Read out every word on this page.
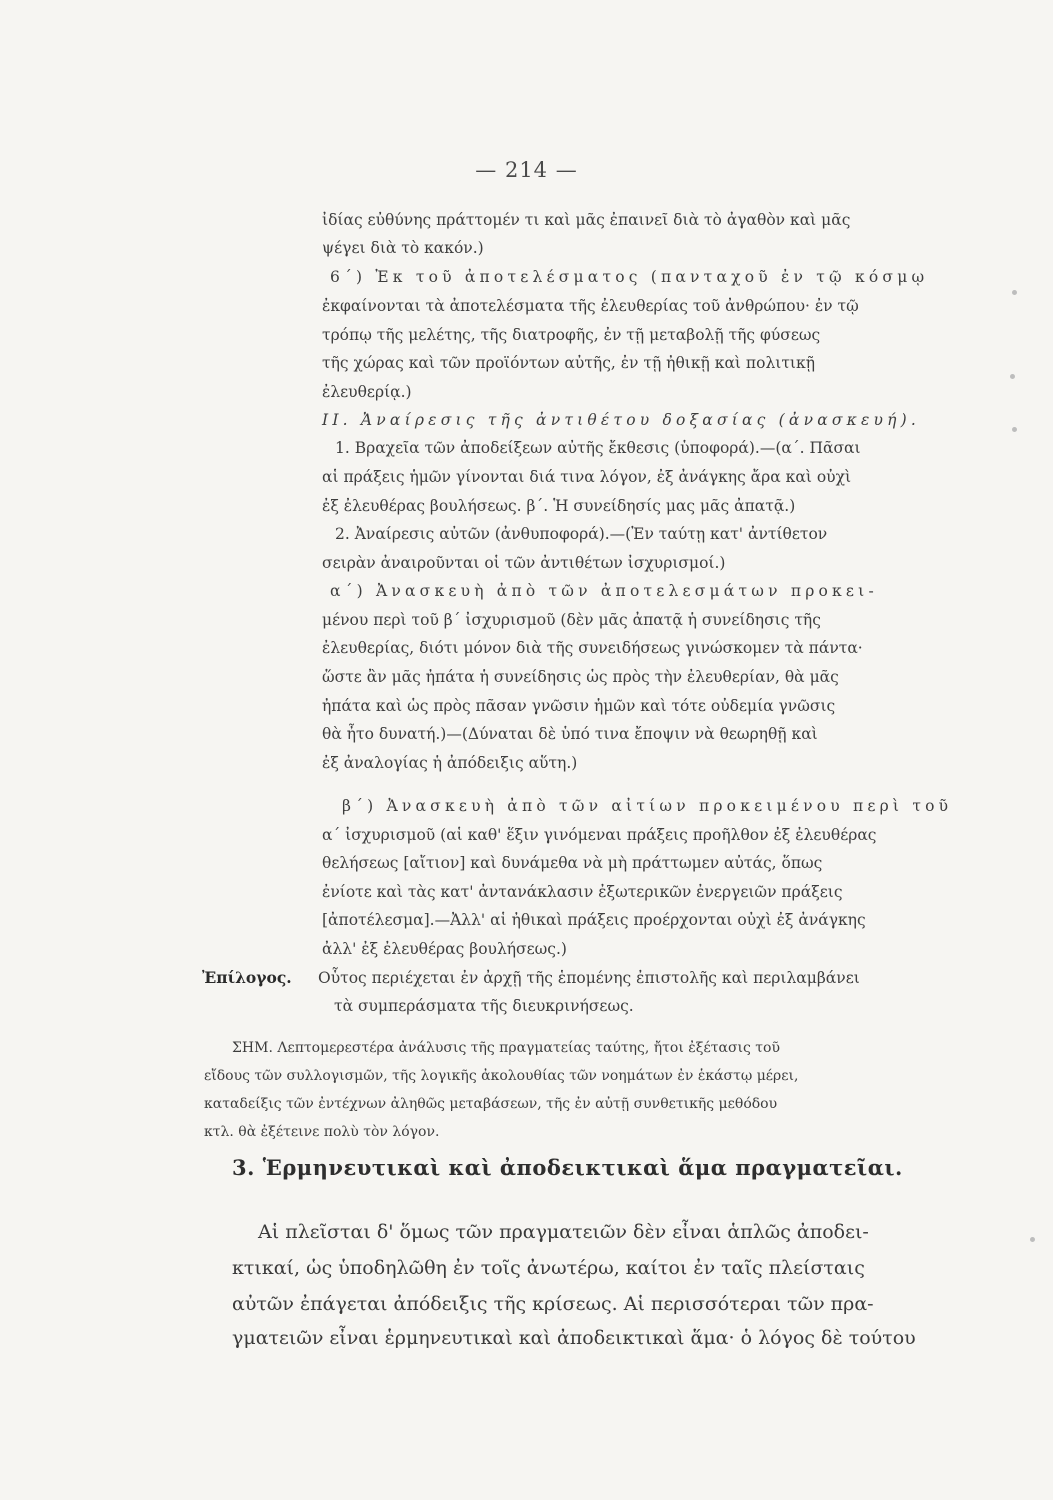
— 214 —
ἰδίας εὐθύνης πράττομέν τι καὶ μᾶς ἐπαινεῖ διὰ τὸ ἀγαθὸν καὶ μᾶς
ψέγει διὰ τὸ κακόν.)
6΄) Ἐκ τοῦ ἀποτελέσματος (πανταχοῦ ἐν τῷ κόσμῳ
ἐκφαίνονται τὰ ἀποτελέσματα τῆς ἐλευθερίας τοῦ ἀνθρώπου· ἐν τῷ
τρόπῳ τῆς μελέτης, τῆς διατροφῆς, ἐν τῇ μεταβολῇ τῆς φύσεως
τῆς χώρας καὶ τῶν προϊόντων αὐτῆς, ἐν τῇ ἠθικῇ καὶ πολιτικῇ
ἐλευθερίᾳ.)
II. Ἀναίρεσις τῆς ἀντιθέτου δοξασίας (ἀνασκευή).
1. Βραχεῖα τῶν ἀποδείξεων αὐτῆς ἔκθεσις (ὑποφορά).—(α΄. Πᾶσαι
αἱ πράξεις ἡμῶν γίνονται διά τινα λόγον, ἐξ ἀνάγκης ἄρα καὶ οὐχὶ
ἐξ ἐλευθέρας βουλήσεως. β΄. Ἡ συνείδησίς μας μᾶς ἀπατᾷ.)
2. Ἀναίρεσις αὐτῶν (ἀνθυποφορά).—(Ἐν ταύτῃ κατ' ἀντίθετον
σειρὰν ἀναιροῦνται οἱ τῶν ἀντιθέτων ἰσχυρισμοί.)
α΄) Ἀνασκευὴ ἀπὸ τῶν ἀποτελεσμάτων προκει-
μένου περὶ τοῦ β΄ ἰσχυρισμοῦ (δὲν μᾶς ἀπατᾷ ἡ συνείδησις τῆς
ἐλευθερίας, διότι μόνον διὰ τῆς συνειδήσεως γινώσκομεν τὰ πάντα·
ὥστε ἂν μᾶς ἠπάτα ἡ συνείδησις ὡς πρὸς τὴν ἐλευθερίαν, θὰ μᾶς
ἠπάτα καὶ ὡς πρὸς πᾶσαν γνῶσιν ἡμῶν καὶ τότε οὐδεμία γνῶσις
θὰ ἦτο δυνατή.)—(Δύναται δὲ ὑπό τινα ἔποψιν νὰ θεωρηθῇ καὶ
ἐξ ἀναλογίας ἡ ἀπόδειξις αὕτη.)
β΄) Ἀνασκευὴ ἀπὸ τῶν αἰτίων προκειμένου περὶ τοῦ
α΄ ἰσχυρισμοῦ (αἱ καθ' ἕξιν γινόμεναι πράξεις προῆλθον ἐξ ἐλευθέρας
θελήσεως [αἴτιον] καὶ δυνάμεθα νὰ μὴ πράττωμεν αὐτάς, ὅπως
ἐνίοτε καὶ τὰς κατ' ἀντανάκλασιν ἐξωτερικῶν ἐνεργειῶν πράξεις
[ἀποτέλεσμα].—Ἀλλ' αἱ ἠθικαὶ πράξεις προέρχονται οὐχὶ ἐξ ἀνάγκης
ἀλλ' ἐξ ἐλευθέρας βουλήσεως.)
Ἐπίλογος. Οὗτος περιέχεται ἐν ἀρχῇ τῆς ἑπομένης ἐπιστολῆς καὶ περιλαμβάνει
τὰ συμπεράσματα τῆς διευκρινήσεως.
ΣΗΜ. Λεπτομερεστέρα ἀνάλυσις τῆς πραγματείας ταύτης, ἤτοι ἐξέτασις τοῦ
εἴδους τῶν συλλογισμῶν, τῆς λογικῆς ἀκολουθίας τῶν νοημάτων ἐν ἑκάστῳ μέρει,
καταδείξις τῶν ἐντέχνων ἀληθῶς μεταβάσεων, τῆς ἐν αὐτῇ συνθετικῆς μεθόδου
κτλ. θὰ ἐξέτεινε πολὺ τὸν λόγον.
3. Ἑρμηνευτικαὶ καὶ ἀποδεικτικαὶ ἅμα πραγματεῖαι.
Αἱ πλεῖσται δ' ὅμως τῶν πραγματειῶν δὲν εἶναι ἁπλῶς ἀποδει-
κτικαί, ὡς ὑποδηλῶθη ἐν τοῖς ἀνωτέρω, καίτοι ἐν ταῖς πλείσταις
αὐτῶν ἐπάγεται ἀπόδειξις τῆς κρίσεως. Αἱ περισσότεραι τῶν πρα-
γματειῶν εἶναι ἑρμηνευτικαὶ καὶ ἀποδεικτικαὶ ἅμα· ὁ λόγος δὲ τούτου
